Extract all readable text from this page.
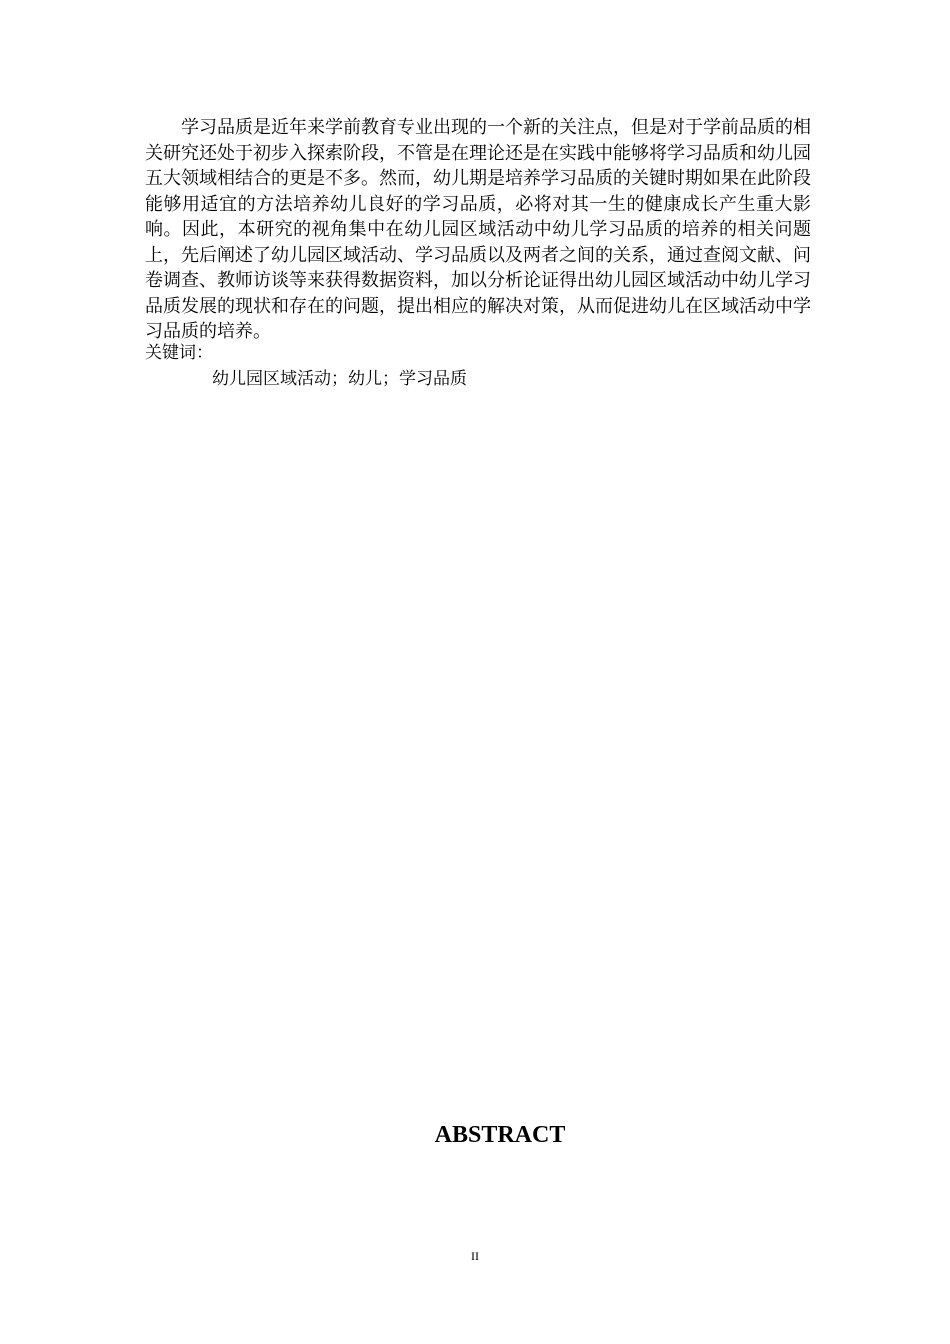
学习品质是近年来学前教育专业出现的一个新的关注点，但是对于学前品质的相关研究还处于初步入探索阶段，不管是在理论还是在实践中能够将学习品质和幼儿园五大领域相结合的更是不多。然而，幼儿期是培养学习品质的关键时期如果在此阶段能够用适宜的方法培养幼儿良好的学习品质，必将对其一生的健康成长产生重大影响。因此，本研究的视角集中在幼儿园区域活动中幼儿学习品质的培养的相关问题上，先后阐述了幼儿园区域活动、学习品质以及两者之间的关系，通过查阅文献、问卷调查、教师访谈等来获得数据资料，加以分析论证得出幼儿园区域活动中幼儿学习品质发展的现状和存在的问题，提出相应的解决对策，从而促进幼儿在区域活动中学习品质的培养。

关键词：

幼儿园区域活动；幼儿；学习品质

ABSTRACT
II
